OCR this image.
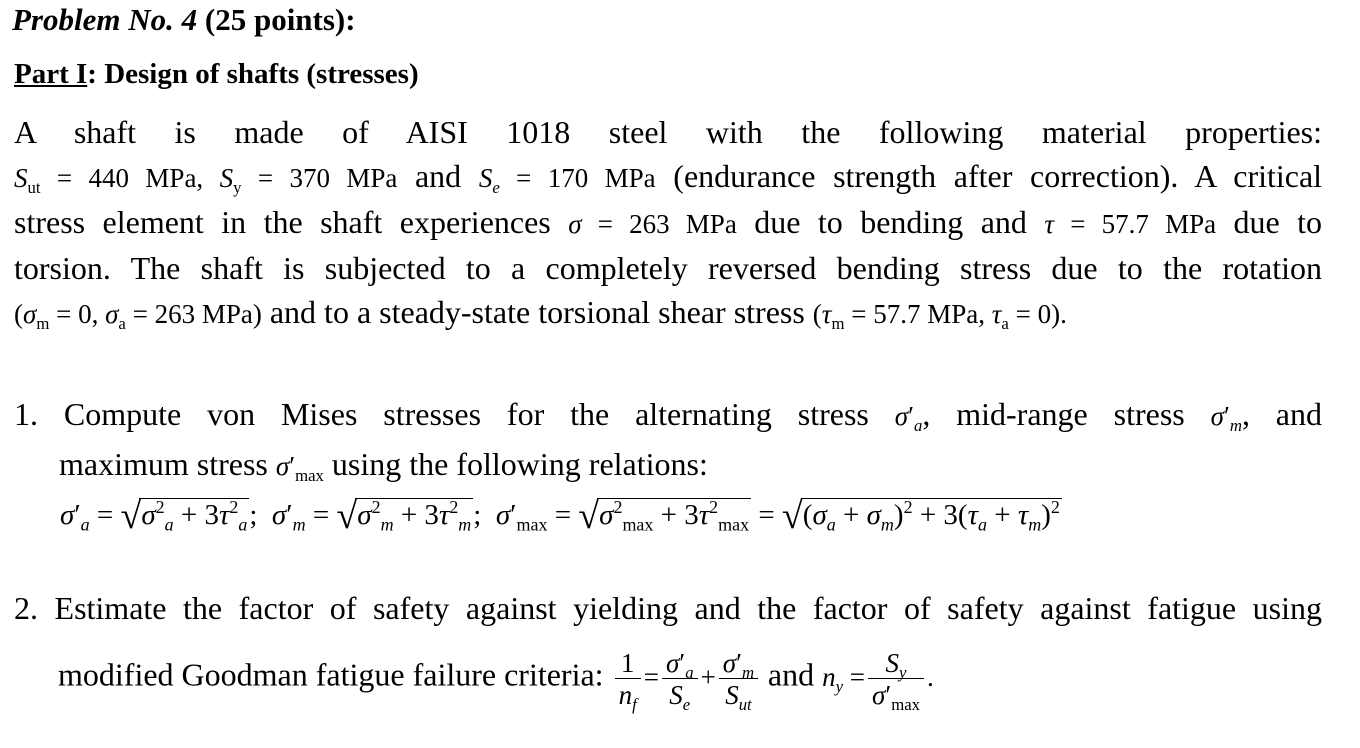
Problem No. 4 (25 points):
Part I: Design of shafts (stresses)
A shaft is made of AISI 1018 steel with the following material properties:
$S_{ut} = 440$ MPa, $S_y = 370$ MPa and $S_e = 170$ MPa (endurance strength after correction). A critical
stress element in the shaft experiences σ = 263 MPa due to bending and τ = 57.7 MPa due to
torsion. The shaft is subjected to a completely reversed bending stress due to the rotation
($\sigma_m = 0$, $\sigma_a = 263$ MPa) and to a steady-state torsional shear stress ($\tau_m = 57.7$ MPa, $\tau_a = 0$).
1. Compute von Mises stresses for the alternating stress $\sigma'_a$, mid-range stress $\sigma'_m$, and
maximum stress $\sigma'_{max}$ using the following relations:
$\sigma'_a = √\sigma^2_a + 3\tau^2_a$;  $\sigma'_m = √\sigma^2_m + 3\tau^2_m$;  $\sigma'_{max} = √\sigma^2_{max} + 3\tau^2_{max} = √(\sigma_a + \sigma_m)^2 + 3(\tau_a + \tau_m)^2$
2. Estimate the factor of safety against yielding and the factor of safety against fatigue using
modified Goodman fatigue failure criteria: $\frac{1}{n_f} = \frac{\sigma'_a}{S_e} + \frac{\sigma'_m}{S_{ut}}$ and $n_y = \frac{S_y}{\sigma'_{max}}$ .
